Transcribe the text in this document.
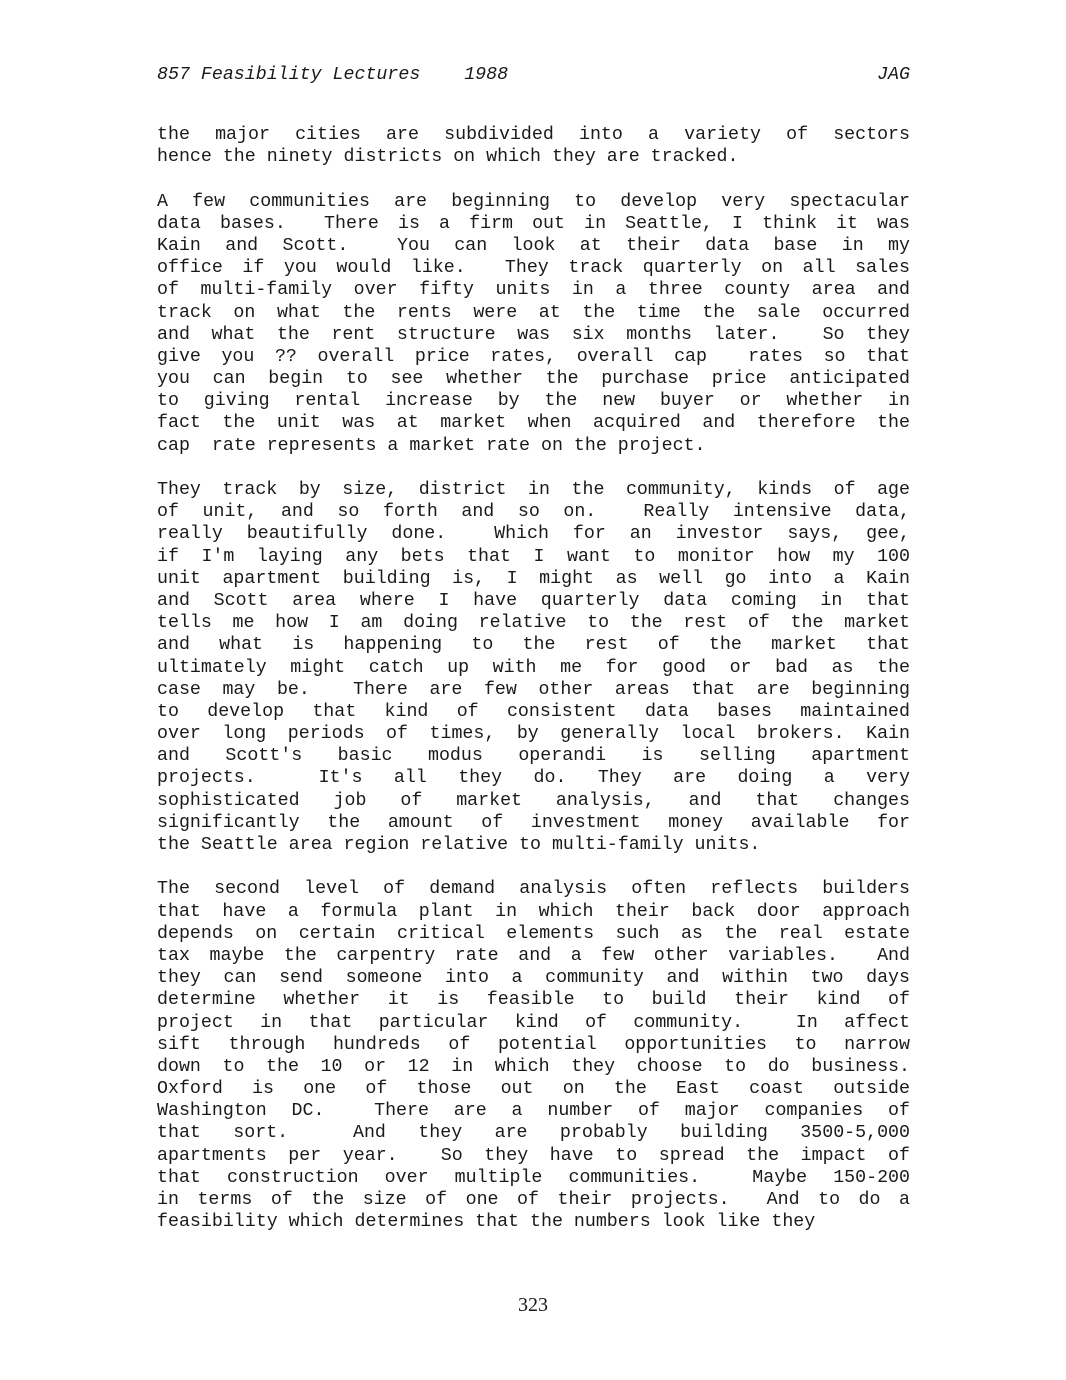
857 Feasibility Lectures 1988	JAG
the major cities are subdivided into a variety of sectors
hence the ninety districts on which they are tracked.
A few communities are beginning to develop very spectacular
data bases.  There is a firm out in Seattle, I think it was
Kain and Scott.  You can look at their data base in my
office if you would like.  They track quarterly on all sales
of multi-family over fifty units in a three county area and
track on what the rents were at the time the sale occurred
and what the rent structure was six months later.  So they
give you ?? overall price rates, overall cap  rates so that
you can begin to see whether the purchase price anticipated
to giving rental increase by the new buyer or whether in
fact the unit was at market when acquired and therefore the
cap  rate represents a market rate on the project.
They track by size, district in the community, kinds of age
of unit, and so forth and so on.  Really intensive data,
really beautifully done.  Which for an investor says, gee,
if I'm laying any bets that I want to monitor how my 100
unit apartment building is, I might as well go into a Kain
and Scott area where I have quarterly data coming in that
tells me how I am doing relative to the rest of the market
and what is happening to the rest of the market that
ultimately might catch up with me for good or bad as the
case may be.  There are few other areas that are beginning
to develop that kind of consistent data bases maintained
over long periods of times, by generally local brokers. Kain
and Scott's basic modus operandi is selling apartment
projects.  It's all they do. They are doing a very
sophisticated job of market analysis, and that changes
significantly the amount of investment money available for
the Seattle area region relative to multi-family units.
The second level of demand analysis often reflects builders
that have a formula plant in which their back door approach
depends on certain critical elements such as the real estate
tax maybe the carpentry rate and a few other variables.  And
they can send someone into a community and within two days
determine whether it is feasible to build their kind of
project in that particular kind of community.  In affect
sift through hundreds of potential opportunities to narrow
down to the 10 or 12 in which they choose to do business.
Oxford is one of those out on the East coast outside
Washington DC.  There are a number of major companies of
that sort.  And they are probably building 3500-5,000
apartments per year.  So they have to spread the impact of
that construction over multiple communities.  Maybe 150-200
in terms of the size of one of their projects.  And to do a
feasibility which determines that the numbers look like they
323
